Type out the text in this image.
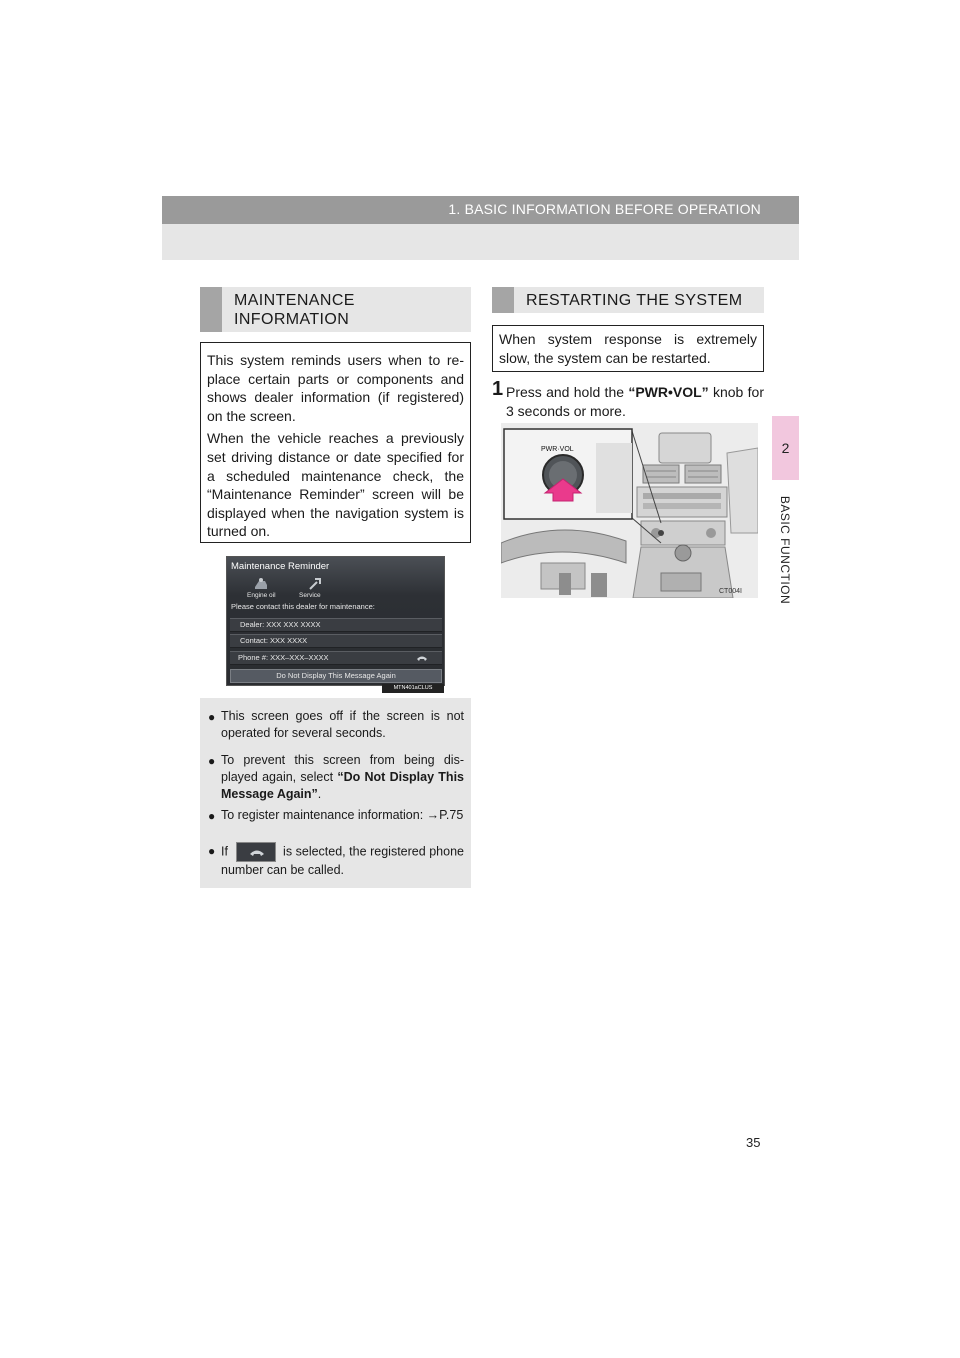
1. BASIC INFORMATION BEFORE OPERATION
2
BASIC FUNCTION
MAINTENANCE
INFORMATION

This system reminds users when to re-place certain parts or components and shows dealer information (if registered) on the screen.

When the vehicle reaches a previously set driving distance or date specified for a scheduled maintenance check, the “Maintenance Reminder” screen will be displayed when the navigation system is turned on.

Maintenance Reminder
Engine oil	Service
Please contact this dealer for maintenance:
Dealer: XXX XXX XXXX
Contact: XXX XXXX
Phone #: XXX–XXX–XXXX
Do Not Display This Message Again
MTN401aCLUS
● This screen goes off if the screen is not operated for several seconds.
● To prevent this screen from being dis-played again, select “Do Not Display This Message Again”.
● To register maintenance information: →P.75
● If	is selected, the registered phone number can be called.
RESTARTING THE SYSTEM
When system response is extremely slow, the system can be restarted.
1 Press and hold the “PWR•VOL” knob for 3 seconds or more.
PWR·VOL
CT004I
35
